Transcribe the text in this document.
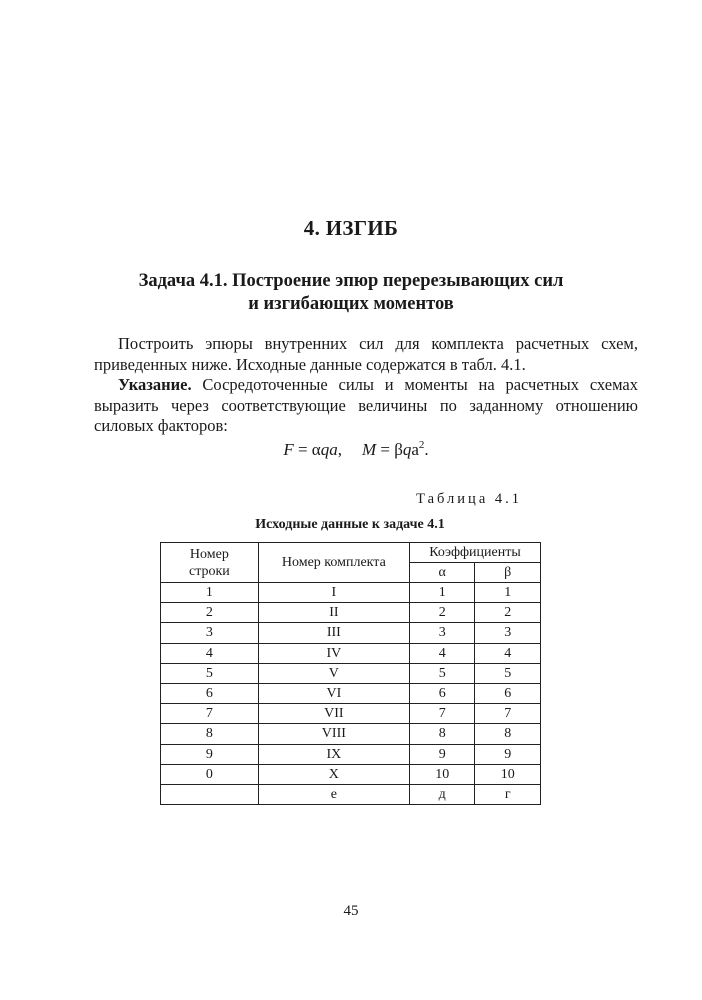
4. ИЗГИБ
Задача 4.1. Построение эпюр перерезывающих сил
и изгибающих моментов

Построить эпюры внутренних сил для комплекта расчетных схем,

приведенных ниже. Исходные данные содержатся в табл. 4.1.

Указание. Сосредоточенные силы и моменты на расчетных схемах

выразить через соответствующие величины по заданному отношению

силовых факторов:

F = αqa, M = βqa$^2$.
Таблица 4.1
Исходные данные к задаче 4.1
Номер
строки	Номер комплекта	Коэффициенты	
		α	β
1	I	1	1
2	II	2	2
3	III	3	3
4	IV	4	4
5	V	5	5
6	VI	6	6
7	VII	7	7
8	VIII	8	8
9	IX	9	9
0	X	10	10
	е	д	г
45
